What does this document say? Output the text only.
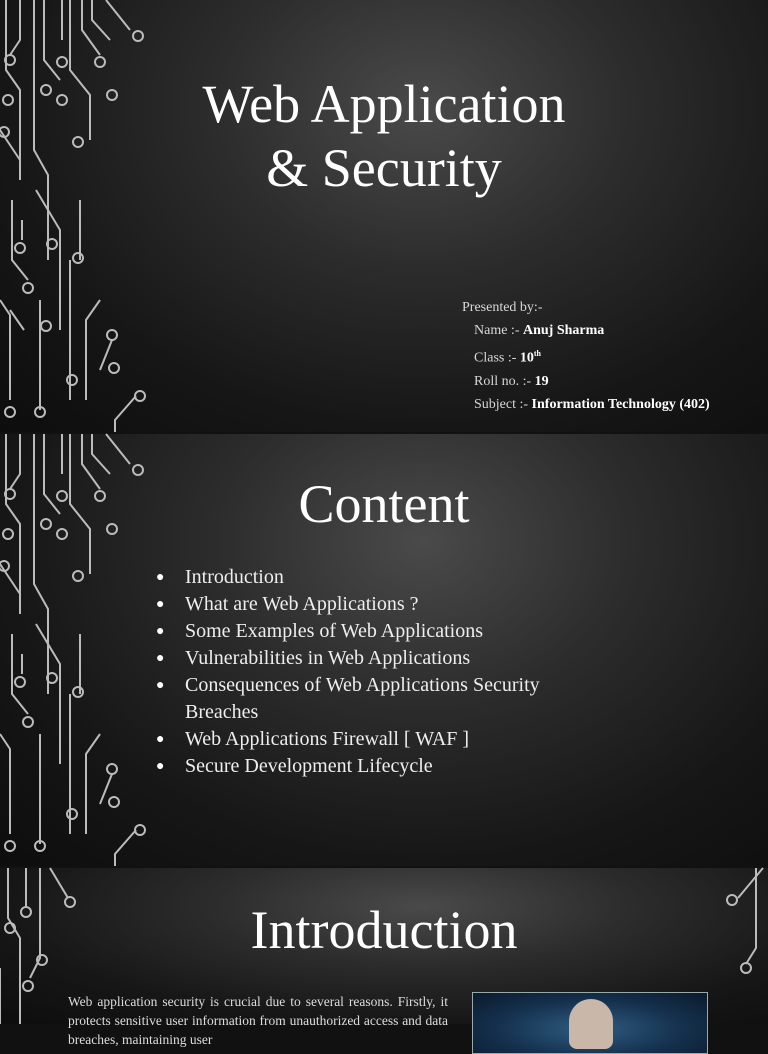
Web Application
& Security
Presented by:-
Name :- Anuj Sharma
Class :- 10th
Roll no. :- 19
Subject :- Information Technology (402)
Content
● Introduction
● What are Web Applications ?
● Some Examples of Web Applications
● Vulnerabilities in Web Applications
● Consequences of Web Applications Security Breaches
● Web Applications Firewall [ WAF ]
● Secure Development Lifecycle
Introduction

Web application security is crucial due to several reasons. Firstly, it protects sensitive user information from unauthorized access and data breaches, maintaining user
